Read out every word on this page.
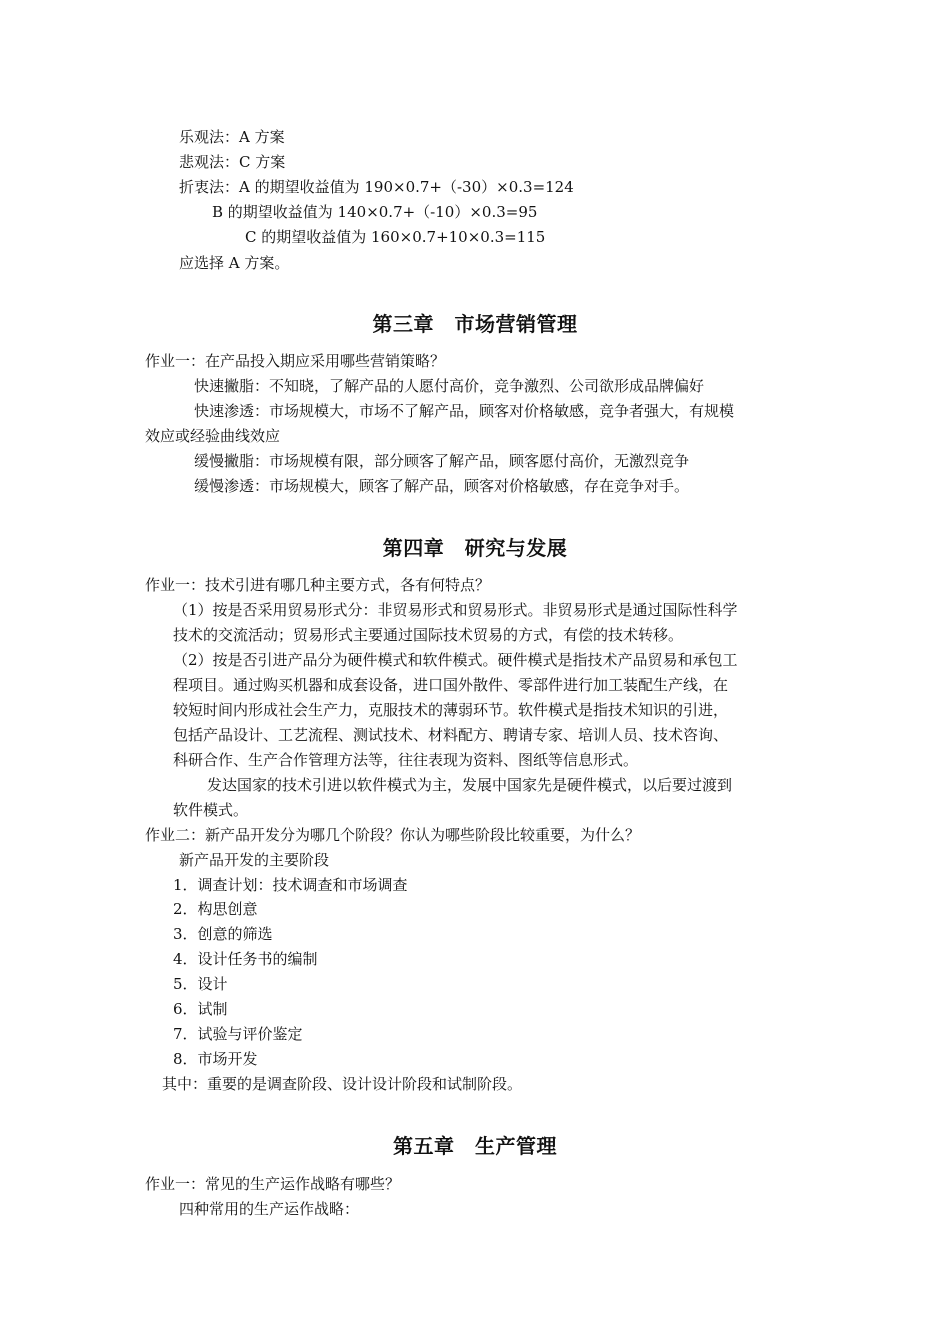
乐观法：A 方案
悲观法：C 方案
折衷法：A 的期望收益值为 190×0.7+（-30）×0.3=124
B 的期望收益值为 140×0.7+（-10）×0.3=95
C 的期望收益值为 160×0.7+10×0.3=115
应选择 A 方案。
第三章　市场营销管理
作业一：在产品投入期应采用哪些营销策略？
快速撇脂：不知晓，了解产品的人愿付高价，竞争激烈、公司欲形成品牌偏好
快速渗透：市场规模大，市场不了解产品，顾客对价格敏感，竞争者强大，有规模
效应或经验曲线效应
缓慢撇脂：市场规模有限，部分顾客了解产品，顾客愿付高价，无激烈竞争
缓慢渗透：市场规模大，顾客了解产品，顾客对价格敏感，存在竞争对手。
第四章　研究与发展
作业一：技术引进有哪几种主要方式，各有何特点？
（1）按是否采用贸易形式分：非贸易形式和贸易形式。非贸易形式是通过国际性科学
技术的交流活动；贸易形式主要通过国际技术贸易的方式，有偿的技术转移。
（2）按是否引进产品分为硬件模式和软件模式。硬件模式是指技术产品贸易和承包工
程项目。通过购买机器和成套设备，进口国外散件、零部件进行加工装配生产线，在
较短时间内形成社会生产力，克服技术的薄弱环节。软件模式是指技术知识的引进，
包括产品设计、工艺流程、测试技术、材料配方、聘请专家、培训人员、技术咨询、
科研合作、生产合作管理方法等，往往表现为资料、图纸等信息形式。
发达国家的技术引进以软件模式为主，发展中国家先是硬件模式，以后要过渡到
软件模式。
作业二：新产品开发分为哪几个阶段？你认为哪些阶段比较重要，为什么？
新产品开发的主要阶段
1．调查计划：技术调查和市场调查
2．构思创意
3．创意的筛选
4．设计任务书的编制
5．设计
6．试制
7．试验与评价鉴定
8．市场开发
其中：重要的是调查阶段、设计设计阶段和试制阶段。
第五章　生产管理
作业一：常见的生产运作战略有哪些？
四种常用的生产运作战略：
